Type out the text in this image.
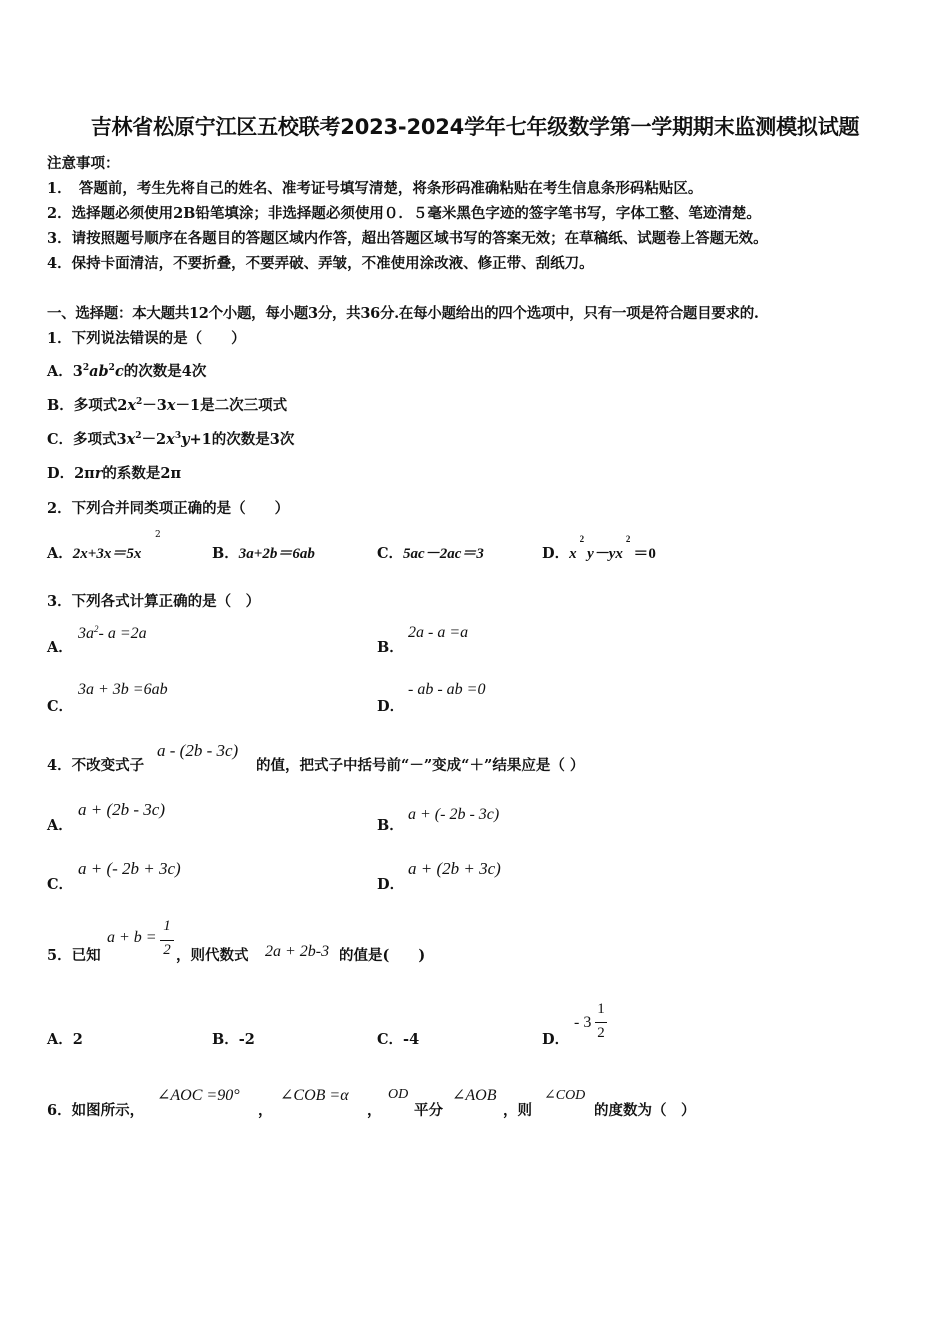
吉林省松原宁江区五校联考2023-2024学年七年级数学第一学期期末监测模拟试题
注意事项：
1．　答题前，考生先将自己的姓名、准考证号填写清楚，将条形码准确粘贴在考生信息条形码粘贴区。
2．选择题必须使用2B铅笔填涂；非选择题必须使用０．５毫米黑色字迹的签字笔书写，字体工整、笔迹清楚。
3．请按照题号顺序在各题目的答题区域内作答，超出答题区域书写的答案无效；在草稿纸、试题卷上答题无效。
4．保持卡面清洁，不要折叠，不要弄破、弄皱，不准使用涂改液、修正带、刮纸刀。
一、选择题：本大题共12个小题，每小题3分，共36分.在每小题给出的四个选项中，只有一项是符合题目要求的.
1．下列说法错误的是（　　）
A．$3^2ab^2c$的次数是4次
B．多项式$2x^2-3x-1$是二次三项式
C．多项式$3x^2-2x^3y+1$的次数是3次
D．2πr的系数是2π
2．下列合并同类项正确的是（　　）
A．2x+3x＝5x
2
B．3a+2b＝6ab	C．5ac－2ac＝3	D．$x^2y-yx^2=0$
3．下列各式计算正确的是（　）
A．
$3a^2-$ a =2a
B．
2a - a =a
C．
3a + 3b =6ab
D．
- ab - ab =0
4．不改变式子
a - (2b - 3c)
的值，把式子中括号前“－”变成“＋”结果应是（ ）
A．
a + (2b - 3c)
B．
a + (- 2b - 3c)
C．
a + (- 2b + 3c)
D．
a + (2b + 3c)
5．已知
a + b =
1
2 ，则代数式 2a + 2b-3 的值是(　　)
A．2	B．-2	C．-4	D．
- 3
1
2
6．如图所示，
∠AOC =90°
，
∠COB =α
，
OD
平分
∠AOB
，则
∠COD
的度数为（　）
